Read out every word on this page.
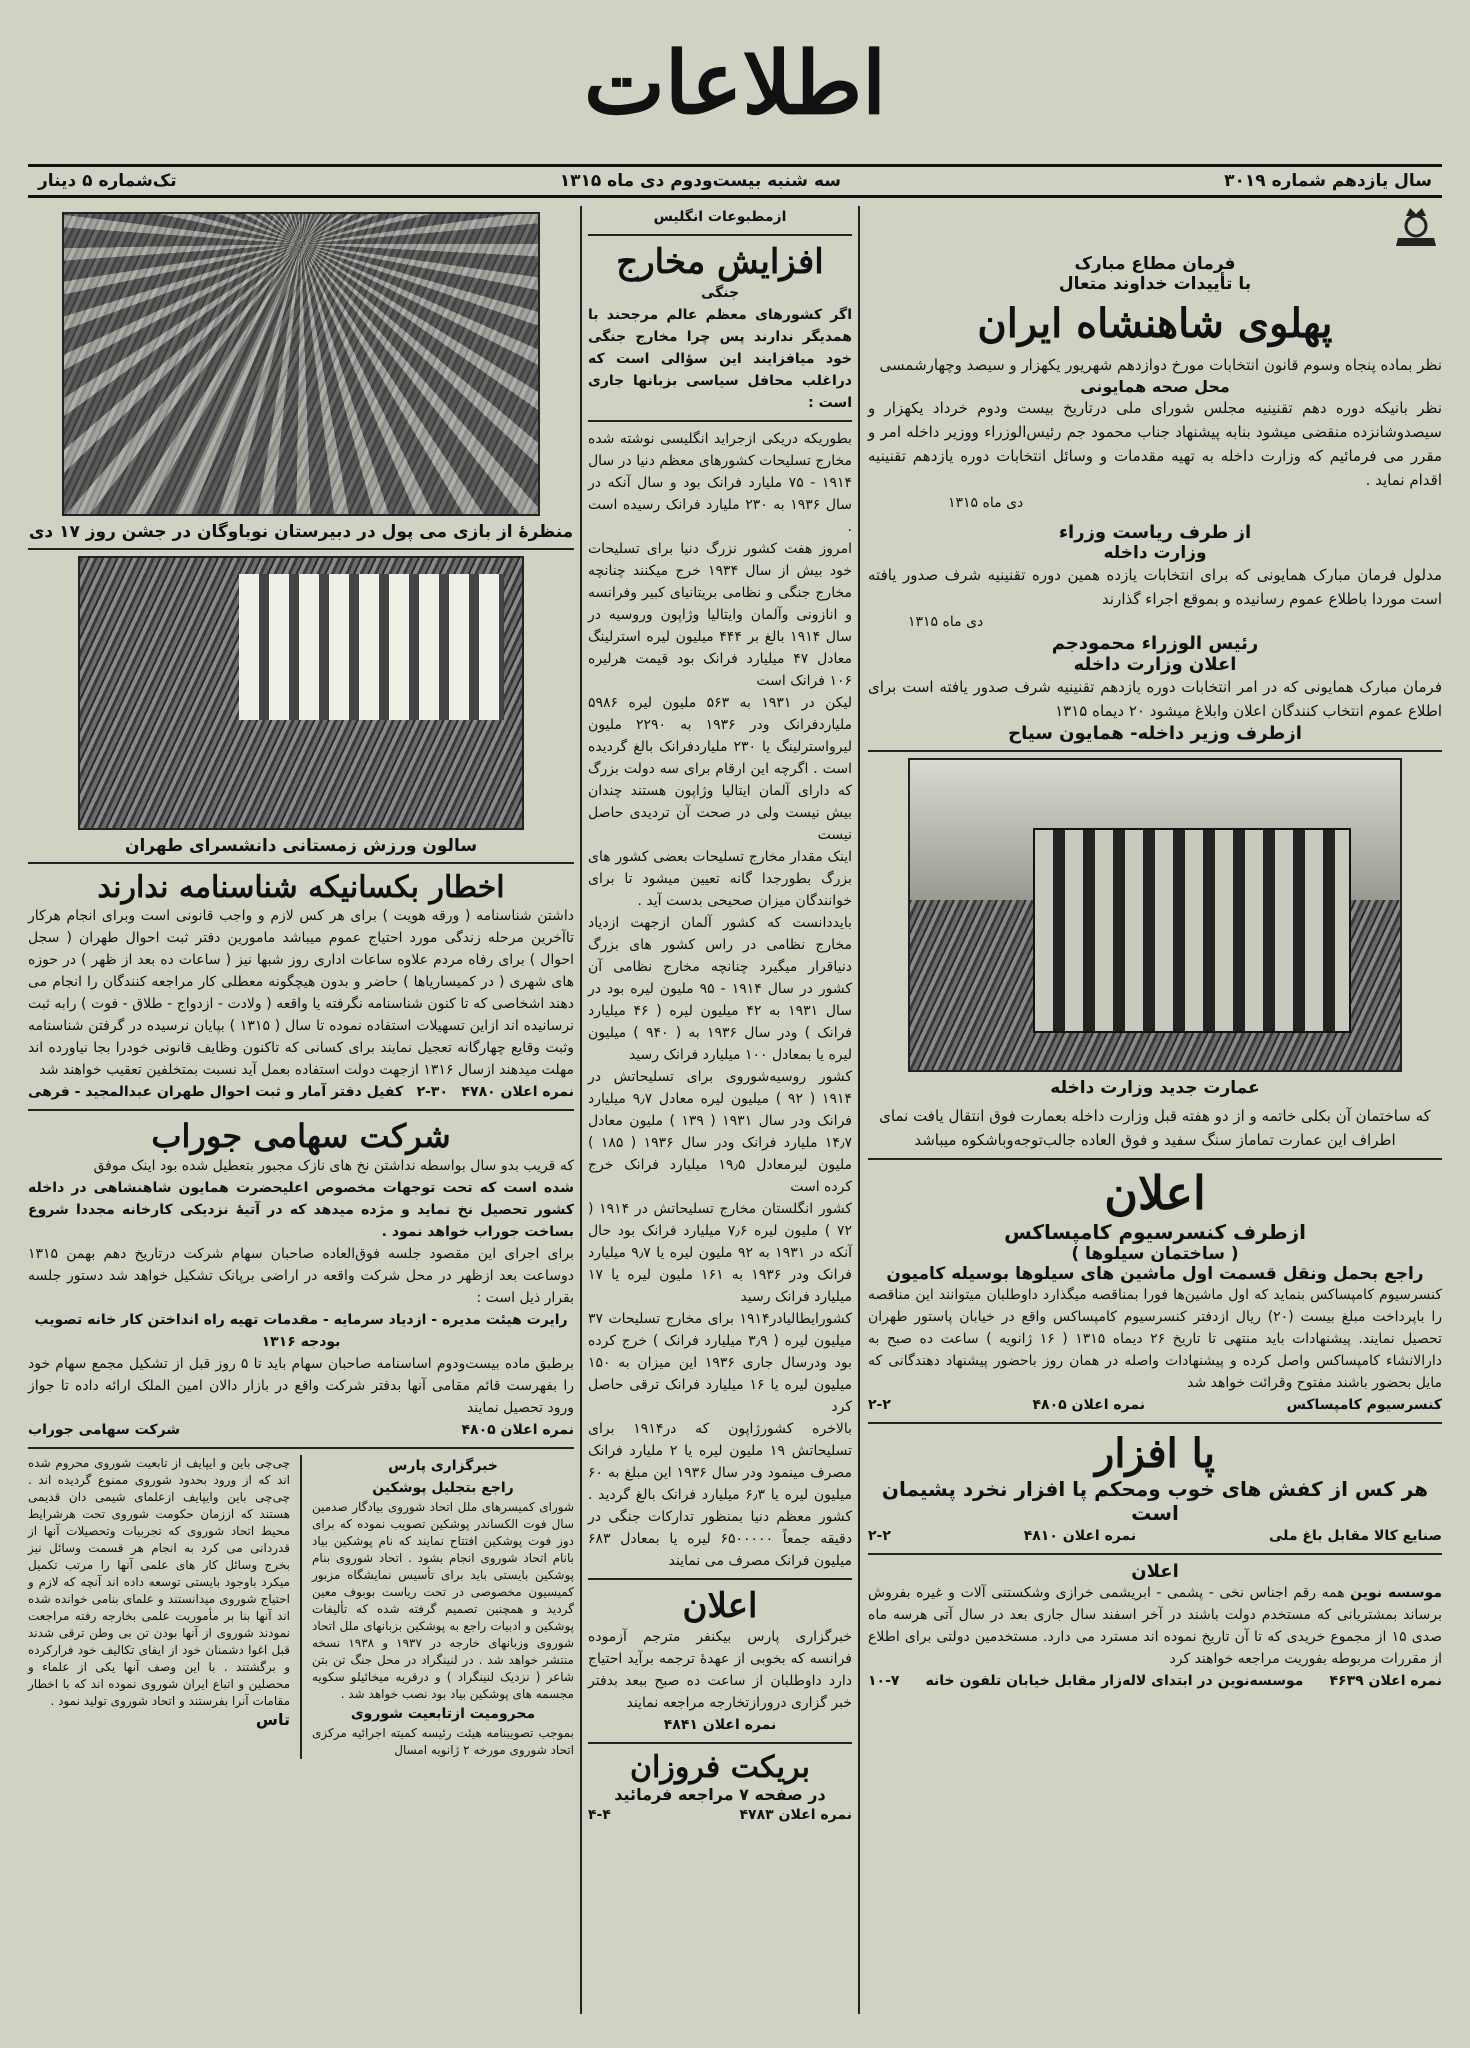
اطلاعات
سال یازدهم شماره ۳۰۱۹
سه شنبه بیست‌ودوم دی ماه ۱۳۱۵
تک‌شماره ۵ دینار
فرمان مطاع مبارک
با تأییدات خداوند متعال
پهلوی شاهنشاه ایران
نظر بماده پنجاه وسوم قانون انتخابات مورخ دوازدهم شهریور یکهزار و سیصد وچهارشمسی
محل صحه همایونی
نظر بانیکه دوره دهم تقنینیه مجلس شورای ملی درتاریخ بیست ودوم خرداد یکهزار و سیصدوشانزده منقضی میشود بنابه پیشنهاد جناب محمود جم رئیس‌الوزراء ووزیر داخله امر و مقرر می فرمائیم که وزارت داخله به تهیه مقدمات و وسائل انتخابات دوره یازدهم تقنینیه اقدام نماید .
دی ماه ۱۳۱۵
از طرف ریاست وزراء
وزارت داخله
مدلول فرمان مبارک همایونی که برای انتخابات یازده همین دوره تقنینیه شرف صدور یافته است موردا باطلاع عموم رسانیده و بموقع اجراء گذارند
دی ماه ۱۳۱۵
رئیس الوزراء محمودجم
اعلان وزارت داخله
فرمان مبارک همایونی که در امر انتخابات دوره یازدهم تقنینیه شرف صدور یافته است برای اطلاع عموم انتخاب کنندگان اعلان وابلاغ میشود ۲۰ دیماه ۱۳۱۵
ازطرف وزیر داخله- همایون سیاح
عمارت جدید وزارت داخله
که ساختمان آن بکلی خاتمه و از دو هفته قبل وزارت داخله بعمارت فوق انتقال یافت نمای اطراف این عمارت تماماز سنگ سفید و فوق العاده جالب‌توجه‌وباشکوه میباشد
اعلان
ازطرف کنسرسیوم کامپساکس
( ساختمان سیلوها )
راجع بحمل ونقل قسمت اول ماشین های سیلوها بوسیله کامیون
کنسرسیوم کامپساکس بنماید که اول ماشین‌ها فورا بمناقصه میگذارد داوطلبان میتوانند این مناقصه را باپرداخت مبلغ بیست (۲۰) ریال ازدفتر کنسرسیوم کامپساکس واقع در خیابان پاستور طهران تحصیل نمایند. پیشنهادات باید منتهی تا تاریخ ۲۶ دیماه ۱۳۱۵ ( ۱۶ ژانویه ) ساعت ده صبح به دارالانشاء کامپساکس واصل کرده و پیشنهادات واصله در همان روز باحضور پیشنهاد دهندگانی که مایل بحضور باشند مفتوح وقرائت خواهد شد
کنسرسیوم کامپساکس
نمره اعلان ۴۸۰۵
۲-۲
پا افزار
هر کس از کفش های خوب ومحکم پا افزار نخرد پشیمان است
صنایع کالا مقابل باغ ملی
نمره اعلان ۴۸۱۰
۲-۲
اعلان
موسسه نوین همه رقم اجناس نخی - پشمی - ابریشمی خرازی وشکستنی آلات و غیره بفروش برساند بمشتریانی که مستخدم دولت باشند در آخر اسفند سال جاری بعد در سال آتی هرسه ماه صدی ۱۵ از مجموع خریدی که تا آن تاریخ نموده اند مسترد می دارد. مستخدمین دولتی برای اطلاع از مقررات مربوطه بفوریت مراجعه خواهند کرد
نمره اعلان ۴۶۳۹
موسسه‌نوین در ابتدای لاله‌زار مقابل خیابان تلفون خانه
۱۰-۷
ازمطبوعات انگلیس
افزایش مخارج
جنگی
اگر کشورهای معظم عالم مرجحند با همدیگر ندارند پس چرا مخارج جنگی خود میافزایند این سؤالی است که دراغلب محافل سیاسی بزبانها جاری است :
بطوریکه دریکی ازجراید انگلیسی نوشته شده مخارج تسلیحات کشورهای معظم دنیا در سال ۱۹۱۴ - ۷۵ ملیارد فرانک بود و سال آنکه در سال ۱۹۳۶ به ۲۳۰ ملیارد فرانک رسیده است .
امروز هفت کشور نزرگ دنیا برای تسلیحات خود بیش از سال ۱۹۳۴ خرج میکنند چنانچه مخارج جنگی و نظامی بریتانیای کبیر وفرانسه و انازونی وآلمان وایتالیا وژاپون وروسیه در سال ۱۹۱۴ بالغ بر ۴۴۴ میلیون لیره استرلینگ معادل ۴۷ میلیارد فرانک بود قیمت هرلیره ۱۰۶ فرانک است
لیکن در ۱۹۳۱ به ۵۶۳ ملیون لیره ۵۹۸۶ ملیاردفرانک ودر ۱۹۳۶ به ۲۲۹۰ ملیون لیرواسترلینگ یا ۲۳۰ ملیاردفرانک بالغ گردیده است . اگرچه این ارقام برای سه دولت بزرگ که دارای آلمان ایتالیا وژاپون هستند چندان بیش نیست ولی در صحت آن تردیدی حاصل نیست
اینک مقدار مخارج تسلیحات بعضی کشور های بزرگ بطورجدا گانه تعیین میشود تا برای خوانندگان میزان صحیحی بدست آید .
بایددانست که کشور آلمان ازجهت ازدیاد مخارج نظامی در راس کشور های بزرگ دنیاقرار میگیرد چنانچه مخارج نظامی آن کشور در سال ۱۹۱۴ - ۹۵ ملیون لیره بود در سال ۱۹۳۱ به ۴۲ میلیون لیره ( ۴۶ میلیارد فرانک ) ودر سال ۱۹۳۶ به ( ۹۴۰ ) میلیون لیره یا بمعادل ۱۰۰ میلیارد فرانک رسید
کشور روسیه‌شوروی برای تسلیحاتش در ۱۹۱۴ ( ۹۲ ) میلیون لیره معادل ۹٫۷ میلیارد فرانک ودر سال ۱۹۳۱ ( ۱۳۹ ) ملیون معادل ۱۴٫۷ ملیارد فرانک ودر سال ۱۹۳۶ ( ۱۸۵ ) ملیون لیرمعادل ۱۹٫۵ میلیارد فرانک خرج کرده است
کشور انگلستان مخارج تسلیحاتش در ۱۹۱۴ ( ۷۲ ) ملیون لیره ۷٫۶ میلیارد فرانک بود حال آنکه در ۱۹۳۱ به ۹۲ ملیون لیره یا ۹٫۷ میلیارد فرانک ودر ۱۹۳۶ به ۱۶۱ ملیون لیره یا ۱۷ میلیارد فرانک رسید
کشورایطالیادر۱۹۱۴ برای مخارج تسلیحات ۳۷ میلیون لیره ( ۳٫۹ میلیارد فرانک ) خرج کرده بود ودرسال جاری ۱۹۳۶ این میزان به ۱۵۰ میلیون لیره یا ۱۶ میلیارد فرانک ترقی حاصل کرد
بالاخره کشورژاپون که در۱۹۱۴ برای تسلیحاتش ۱۹ ملیون لیره یا ۲ ملیارد فرانک مصرف مینمود ودر سال ۱۹۳۶ این مبلغ به ۶۰ میلیون لیره یا ۶٫۳ میلیارد فرانک بالغ گردید . کشور معظم دنیا بمنظور تدارکات جنگی در دقیقه جمعاً ۶۵۰۰۰۰۰ لیره یا بمعادل ۶۸۳ میلیون فرانک مصرف می نمایند
اعلان
خبرگزاری پارس بیکنفر مترجم آزموده فرانسه که بخوبی از عهدهٔ ترجمه برآید احتیاج دارد داوطلبان از ساعت ده صبح ببعد بدفتر خبر گزاری درورازتخارجه مراجعه نمایند
نمره اعلان ۴۸۴۱
بریکت فروزان
در صفحه ۷ مراجعه فرمائید
نمره اعلان ۴۷۸۳
۴-۴
منظرهٔ از بازی می پول در دبیرستان نوباوگان در جشن روز ۱۷ دی
سالون ورزش زمستانی دانشسرای طهران
اخطار بکسانیکه شناسنامه ندارند
داشتن شناسنامه ( ورقه هویت ) برای هر کس لازم و واجب قانونی است وبرای انجام هرکار تاآخرین مرحله زندگی مورد احتیاج عموم میباشد مامورین دفتر ثبت احوال طهران ( سجل احوال ) برای رفاه مردم علاوه ساعات اداری روز شبها نیز ( ساعات ده بعد از ظهر ) در حوزه های شهری ( در کمیساریاها ) حاضر و بدون هیچگونه معطلی کار مراجعه کنندگان را انجام می دهند اشخاصی که تا کنون شناسنامه نگرفته یا واقعه ( ولادت - ازدواج - طلاق - فوت ) رابه ثبت نرسانیده اند ازاین تسهیلات استفاده نموده تا سال ( ۱۳۱۵ ) بپایان نرسیده در گرفتن شناسنامه وثبت وقایع چهارگانه تعجیل نمایند برای کسانی که تاکنون وظایف قانونی خودرا بجا نیاورده اند مهلت میدهند ازسال ۱۳۱۶ ازجهت دولت استفاده بعمل آید نسبت بمتخلفین تعقیب خواهند شد
نمره اعلان ۴۷۸۰
۲-۳۰
کفیل دفتر آمار و ثبت احوال طهران عبدالمجید - فرهی
شرکت سهامی جوراب
که قریب بدو سال بواسطه نداشتن نخ های نازک مجبور بتعطیل شده بود اینک موفق
شده است که تحت توجهات مخصوص اعلیحضرت همایون شاهنشاهی در داخله کشور تحصیل نخ نماید و مژده میدهد که در آتیهٔ نزدیکی کارخانه مجددا شروع بساخت جوراب خواهد نمود .
برای اجرای این مقصود جلسه فوق‌العاده صاحبان سهام شرکت درتاریخ دهم بهمن ۱۳۱۵ دوساعت بعد ازظهر در محل شرکت واقعه در اراضی برپانک تشکیل خواهد شد دستور جلسه بقرار ذیل است :
رایرت هیئت مدیره - ازدیاد سرمایه - مقدمات تهیه راه انداختن کار خانه تصویب بودجه ۱۳۱۶
برطبق ماده بیست‌ودوم اساسنامه صاحبان سهام باید تا ۵ روز قبل از تشکیل مجمع سهام خود را بفهرست قائم مقامی آنها بدفتر شرکت واقع در بازار دالان امین الملک ارائه داده تا جواز ورود تحصیل نمایند
نمره اعلان ۴۸۰۵
شرکت سهامی جوراب
خبرگزاری پارس
راجع بتجلیل پوشکین
شورای کمیسرهای ملل اتحاد شوروی بیادگار صدمین سال فوت الکساندر پوشکین تصویب نموده که برای دوز فوت پوشکین افتتاح نمایند که نام پوشکین بیاد بانام اتحاد شوروی انجام بشود . اتحاد شوروی بنام پوشکین بایستی باید برای تأسیس نمایشگاه مزبور کمیسیون مخصوصی در تحت ریاست بوبوف معین گردید و همچنین تصمیم گرفته شده که تألیفات پوشکین و ادبیات راجع به پوشکین بزبانهای ملل اتحاد شوروی وزبانهای خارجه در ۱۹۳۷ و ۱۹۳۸ نسخه منتشر خواهد شد . در لنینگراد در محل جنگ تن بتن شاعر ( نزدیک لنینگراد ) و درقریه میخائیلو سکویه مجسمه های پوشکین بیاد بود نصب خواهد شد .
محرومیت ازتابعیت شوروی
بموجب تصویبنامه هیئت رئیسه کمیته اجرائیه مرکزی اتحاد شوروی مورخه ۲ ژانویه امسال
چی‌چی باین و ایپایف از تابعیت شوروی محروم شده اند که از ورود بحدود شوروی ممنوع گردیده اند . چی‌چی باین وایپایف ازعلمای شیمی دان قدیمی هستند که اززمان حکومت شوروی تحت هرشرایط محیط اتحاد شوروی که تجربیات وتحصیلات آنها از قدردانی می کرد به انجام هر قسمت وسائل نیز بخرج وسائل کار های علمی آنها را مرتب تکمیل میکرد باوجود بایستی توسعه داده اند آنچه که لازم و احتیاج شوروی میدانستند و علمای بنامی خوانده شده اند آنها بنا بر مأموریت علمی بخارجه رفته مراجعت نمودند شوروی از آنها بودن تن بی وطن ترقی شدند قبل اغوا دشمنان خود از ایفای تکالیف خود فرارکرده و برگشتند . با این وصف آنها یکی از علماء و محصلین و اتباع ایران شوروی نموده اند که با اخطار مقامات آنرا بفرستند و اتحاد شوروی تولید نمود .
تاس
